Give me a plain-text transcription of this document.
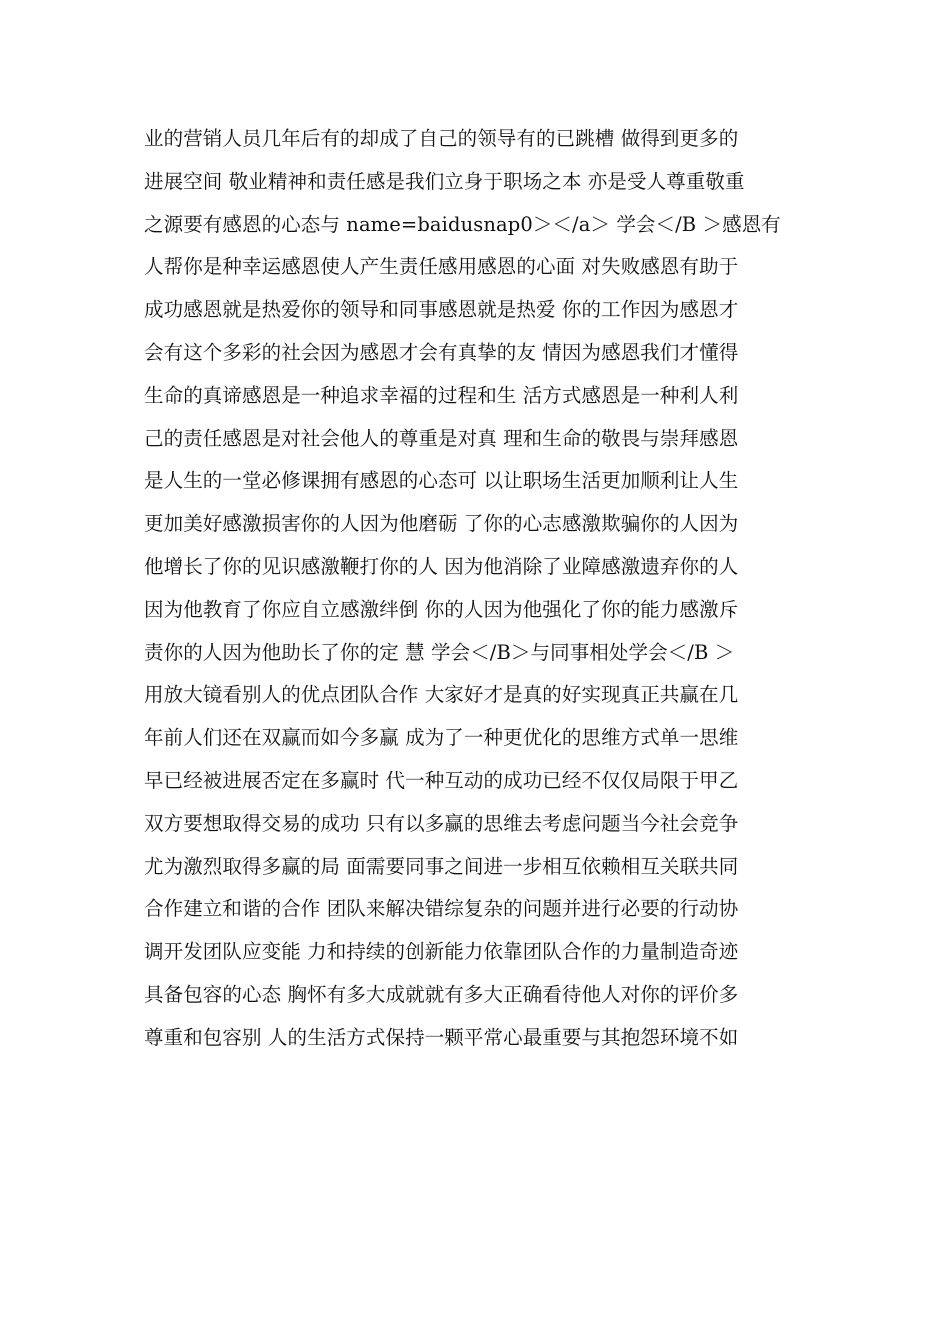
业的营销人员几年后有的却成了自己的领导有的已跳槽 做得到更多的
进展空间 敬业精神和责任感是我们立身于职场之本 亦是受人尊重敬重
之源要有感恩的心态与 name=baidusnap0＞＜/a＞ 学会＜/B ＞感恩有
人帮你是种幸运感恩使人产生责任感用感恩的心面 对失败感恩有助于
成功感恩就是热爱你的领导和同事感恩就是热爱 你的工作因为感恩才
会有这个多彩的社会因为感恩才会有真挚的友 情因为感恩我们才懂得
生命的真谛感恩是一种追求幸福的过程和生 活方式感恩是一种利人利
己的责任感恩是对社会他人的尊重是对真 理和生命的敬畏与崇拜感恩
是人生的一堂必修课拥有感恩的心态可 以让职场生活更加顺利让人生
更加美好感激损害你的人因为他磨砺 了你的心志感激欺骗你的人因为
他增长了你的见识感激鞭打你的人 因为他消除了业障感激遗弃你的人
因为他教育了你应自立感激绊倒 你的人因为他强化了你的能力感激斥
责你的人因为他助长了你的定 慧 学会＜/B＞与同事相处学会＜/B ＞
用放大镜看别人的优点团队合作 大家好才是真的好实现真正共赢在几
年前人们还在双赢而如今多赢 成为了一种更优化的思维方式单一思维
早已经被进展否定在多赢时 代一种互动的成功已经不仅仅局限于甲乙
双方要想取得交易的成功 只有以多赢的思维去考虑问题当今社会竞争
尤为激烈取得多赢的局 面需要同事之间进一步相互依赖相互关联共同
合作建立和谐的合作 团队来解决错综复杂的问题并进行必要的行动协
调开发团队应变能 力和持续的创新能力依靠团队合作的力量制造奇迹
具备包容的心态 胸怀有多大成就就有多大正确看待他人对你的评价多
尊重和包容别 人的生活方式保持一颗平常心最重要与其抱怨环境不如
